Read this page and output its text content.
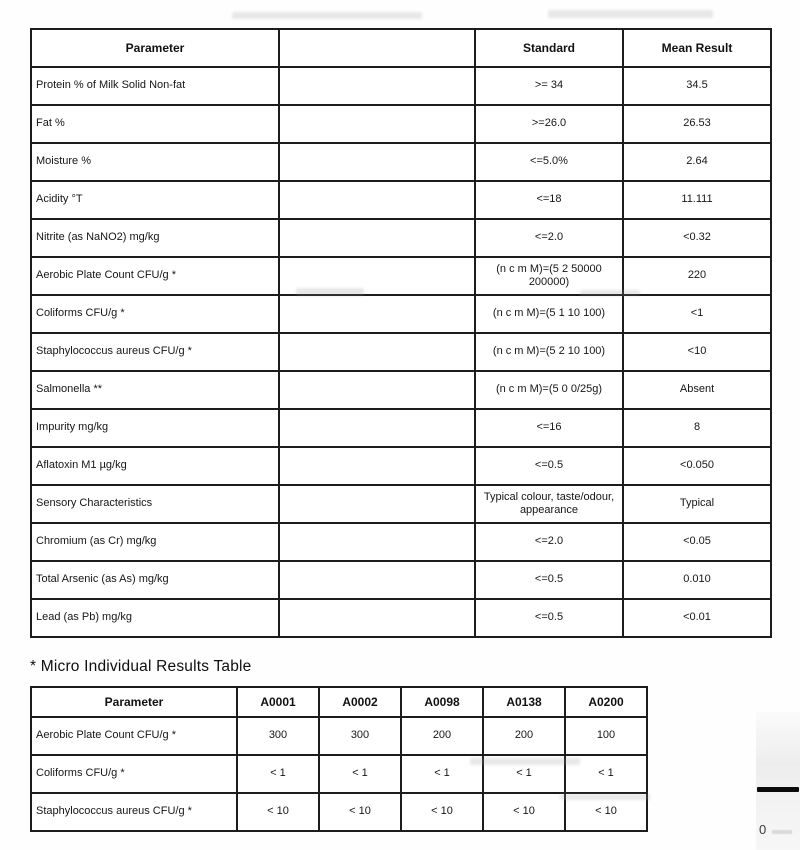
Parameter		Standard	Mean Result
Protein % of Milk Solid Non-fat		>= 34	34.5
Fat %		>=26.0	26.53
Moisture %		<=5.0%	2.64
Acidity °T		<=18	11.111
Nitrite (as NaNO2) mg/kg		<=2.0	<0.32
Aerobic Plate Count CFU/g *		(n c m M)=(5 2 50000 200000)	220
Coliforms CFU/g *		(n c m M)=(5 1 10 100)	<1
Staphylococcus aureus CFU/g *		(n c m M)=(5 2 10 100)	<10
Salmonella **		(n c m M)=(5 0 0/25g)	Absent
Impurity mg/kg		<=16	8
Aflatoxin M1 µg/kg		<=0.5	<0.050
Sensory Characteristics		Typical colour, taste/odour, appearance	Typical
Chromium (as Cr) mg/kg		<=2.0	<0.05
Total Arsenic (as As) mg/kg		<=0.5	0.010
Lead (as Pb) mg/kg		<=0.5	<0.01
* Micro Individual Results Table
Parameter	A0001	A0002	A0098	A0138	A0200
Aerobic Plate Count CFU/g *	300	300	200	200	100
Coliforms CFU/g *	< 1	< 1	< 1	< 1	< 1
Staphylococcus aureus CFU/g *	< 10	< 10	< 10	< 10	< 10
0
